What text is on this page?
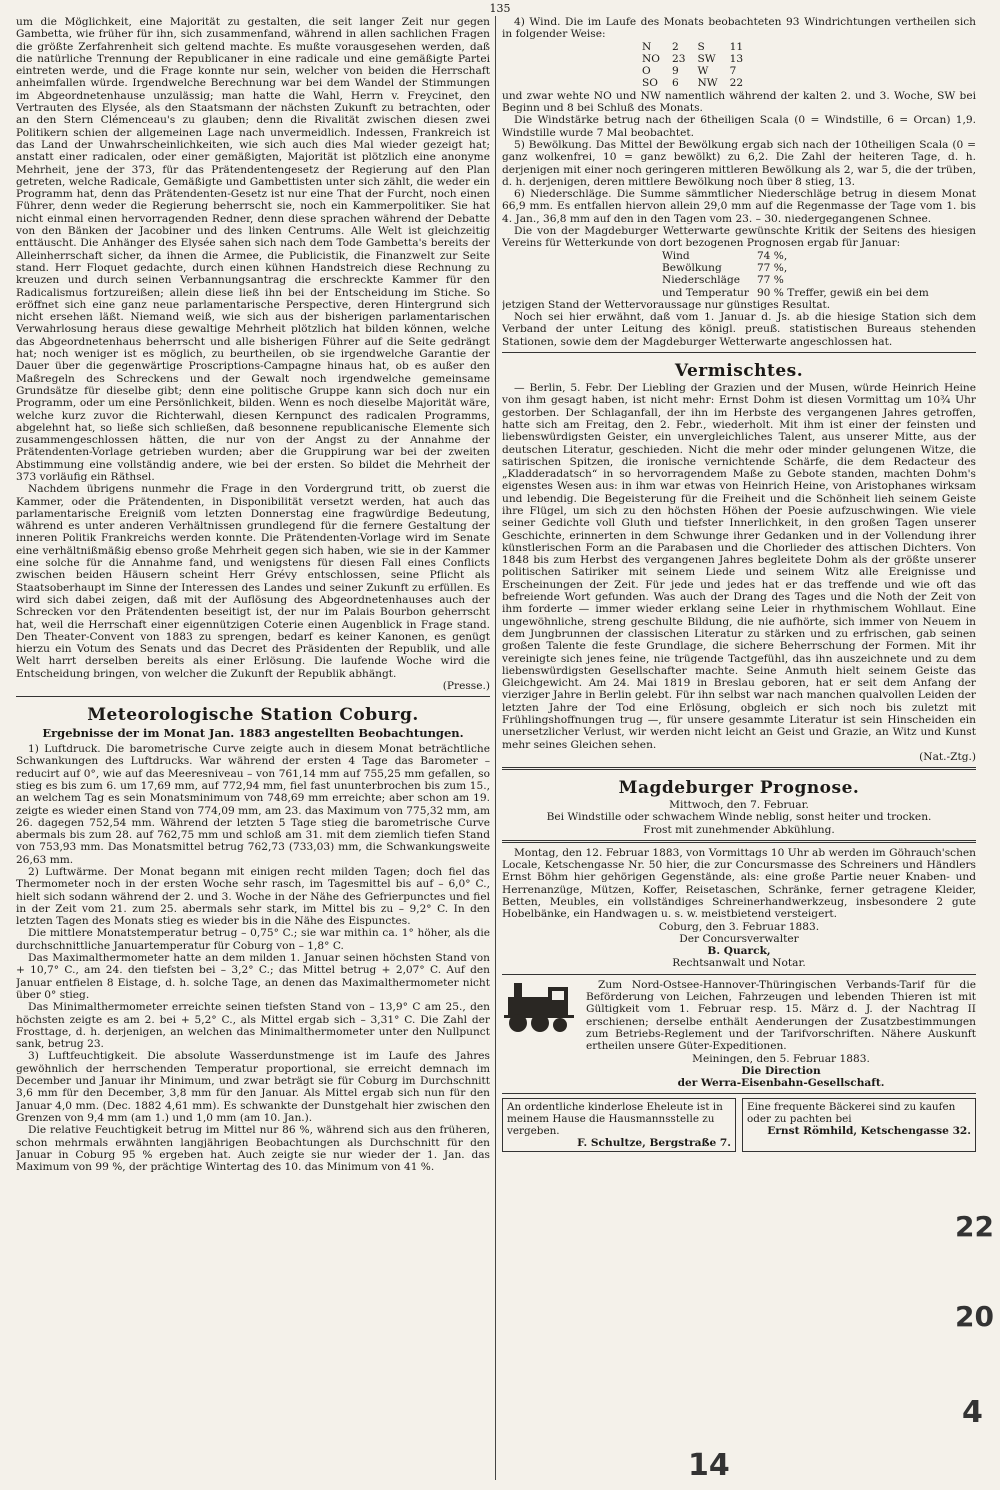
135

um die Möglichkeit, eine Majorität zu gestalten, die seit langer Zeit nur gegen Gambetta, wie früher für ihn, sich zusammenfand, während in allen sachlichen Fragen die größte Zerfahrenheit sich geltend machte. Es mußte vorausgesehen werden, daß die natürliche Trennung der Republicaner in eine radicale und eine gemäßigte Partei eintreten werde, und die Frage konnte nur sein, welcher von beiden die Herrschaft anheimfallen würde. Irgendwelche Berechnung war bei dem Wandel der Stimmungen im Abgeordnetenhause unzulässig; man hatte die Wahl, Herrn v. Freycinet, den Vertrauten des Elysée, als den Staatsmann der nächsten Zukunft zu betrachten, oder an den Stern Clémenceau's zu glauben; denn die Rivalität zwischen diesen zwei Politikern schien der allgemeinen Lage nach unvermeidlich. Indessen, Frankreich ist das Land der Unwahrscheinlichkeiten, wie sich auch dies Mal wieder gezeigt hat; anstatt einer radicalen, oder einer gemäßigten, Majorität ist plötzlich eine anonyme Mehrheit, jene der 373, für das Prätendentengesetz der Regierung auf den Plan getreten, welche Radicale, Gemäßigte und Gambettisten unter sich zählt, die weder ein Programm hat, denn das Prätendenten-Gesetz ist nur eine That der Furcht, noch einen Führer, denn weder die Regierung beherrscht sie, noch ein Kammerpolitiker. Sie hat nicht einmal einen hervorragenden Redner, denn diese sprachen während der Debatte von den Bänken der Jacobiner und des linken Centrums. Alle Welt ist gleichzeitig enttäuscht. Die Anhänger des Elysée sahen sich nach dem Tode Gambetta's bereits der Alleinherrschaft sicher, da ihnen die Armee, die Publicistik, die Finanzwelt zur Seite stand. Herr Floquet gedachte, durch einen kühnen Handstreich diese Rechnung zu kreuzen und durch seinen Verbannungsantrag die erschreckte Kammer für den Radicalismus fortzureißen; allein diese ließ ihn bei der Entscheidung im Stiche. So eröffnet sich eine ganz neue parlamentarische Perspective, deren Hintergrund sich nicht ersehen läßt. Niemand weiß, wie sich aus der bisherigen parlamentarischen Verwahrlosung heraus diese gewaltige Mehrheit plötzlich hat bilden können, welche das Abgeordnetenhaus beherrscht und alle bisherigen Führer auf die Seite gedrängt hat; noch weniger ist es möglich, zu beurtheilen, ob sie irgendwelche Garantie der Dauer über die gegenwärtige Proscriptions-Campagne hinaus hat, ob es außer den Maßregeln des Schreckens und der Gewalt noch irgendwelche gemeinsame Grundsätze für dieselbe gibt; denn eine politische Gruppe kann sich doch nur ein Programm, oder um eine Persönlichkeit, bilden. Wenn es noch dieselbe Majorität wäre, welche kurz zuvor die Richterwahl, diesen Kernpunct des radicalen Programms, abgelehnt hat, so ließe sich schließen, daß besonnene republicanische Elemente sich zusammengeschlossen hätten, die nur von der Angst zu der Annahme der Prätendenten-Vorlage getrieben wurden; aber die Gruppirung war bei der zweiten Abstimmung eine vollständig andere, wie bei der ersten. So bildet die Mehrheit der 373 vorläufig ein Räthsel.

Nachdem übrigens nunmehr die Frage in den Vordergrund tritt, ob zuerst die Kammer, oder die Prätendenten, in Disponibilität versetzt werden, hat auch das parlamentarische Ereigniß vom letzten Donnerstag eine fragwürdige Bedeutung, während es unter anderen Verhältnissen grundlegend für die fernere Gestaltung der inneren Politik Frankreichs werden konnte. Die Prätendenten-Vorlage wird im Senate eine verhältnißmäßig ebenso große Mehrheit gegen sich haben, wie sie in der Kammer eine solche für die Annahme fand, und wenigstens für diesen Fall eines Conflicts zwischen beiden Häusern scheint Herr Grévy entschlossen, seine Pflicht als Staatsoberhaupt im Sinne der Interessen des Landes und seiner Zukunft zu erfüllen. Es wird sich dabei zeigen, daß mit der Auflösung des Abgeordnetenhauses auch der Schrecken vor den Prätendenten beseitigt ist, der nur im Palais Bourbon geherrscht hat, weil die Herrschaft einer eigennützigen Coterie einen Augenblick in Frage stand. Den Theater-Convent von 1883 zu sprengen, bedarf es keiner Kanonen, es genügt hierzu ein Votum des Senats und das Decret des Präsidenten der Republik, und alle Welt harrt derselben bereits als einer Erlösung. Die laufende Woche wird die Entscheidung bringen, von welcher die Zukunft der Republik abhängt.

(Presse.)
Meteorologische Station Coburg.
Ergebnisse der im Monat Jan. 1883 angestellten Beobachtungen.

1) Luftdruck. Die barometrische Curve zeigte auch in diesem Monat beträchtliche Schwankungen des Luftdrucks. War während der ersten 4 Tage das Barometer – reducirt auf 0°, wie auf das Meeresniveau – von 761,14 mm auf 755,25 mm gefallen, so stieg es bis zum 6. um 17,69 mm, auf 772,94 mm, fiel fast ununterbrochen bis zum 15., an welchem Tag es sein Monatsminimum von 748,69 mm erreichte; aber schon am 19. zeigte es wieder einen Stand von 774,09 mm, am 23. das Maximum von 775,32 mm, am 26. dagegen 752,54 mm. Während der letzten 5 Tage stieg die barometrische Curve abermals bis zum 28. auf 762,75 mm und schloß am 31. mit dem ziemlich tiefen Stand von 753,93 mm. Das Monatsmittel betrug 762,73 (733,03) mm, die Schwankungsweite 26,63 mm.

2) Luftwärme. Der Monat begann mit einigen recht milden Tagen; doch fiel das Thermometer noch in der ersten Woche sehr rasch, im Tagesmittel bis auf – 6,0° C., hielt sich sodann während der 2. und 3. Woche in der Nähe des Gefrierpunctes und fiel in der Zeit vom 21. zum 25. abermals sehr stark, im Mittel bis zu – 9,2° C. In den letzten Tagen des Monats stieg es wieder bis in die Nähe des Eispunctes.

Die mittlere Monatstemperatur betrug – 0,75° C.; sie war mithin ca. 1° höher, als die durchschnittliche Januartemperatur für Coburg von – 1,8° C.

Das Maximalthermometer hatte an dem milden 1. Januar seinen höchsten Stand von + 10,7° C., am 24. den tiefsten bei – 3,2° C.; das Mittel betrug + 2,07° C. Auf den Januar entfielen 8 Eistage, d. h. solche Tage, an denen das Maximalthermometer nicht über 0° stieg.

Das Minimalthermometer erreichte seinen tiefsten Stand von – 13,9° C am 25., den höchsten zeigte es am 2. bei + 5,2° C., als Mittel ergab sich – 3,31° C. Die Zahl der Frosttage, d. h. derjenigen, an welchen das Minimalthermometer unter den Nullpunct sank, betrug 23.

3) Luftfeuchtigkeit. Die absolute Wasserdunstmenge ist im Laufe des Jahres gewöhnlich der herrschenden Temperatur proportional, sie erreicht demnach im December und Januar ihr Minimum, und zwar beträgt sie für Coburg im Durchschnitt 3,6 mm für den December, 3,8 mm für den Januar. Als Mittel ergab sich nun für den Januar 4,0 mm. (Dec. 1882 4,61 mm). Es schwankte der Dunstgehalt hier zwischen den Grenzen von 9,4 mm (am 1.) und 1,0 mm (am 10. Jan.).

Die relative Feuchtigkeit betrug im Mittel nur 86 %, während sich aus den früheren, schon mehrmals erwähnten langjährigen Beobachtungen als Durchschnitt für den Januar in Coburg 95 % ergeben hat. Auch zeigte sie nur wieder der 1. Jan. das Maximum von 99 %, der prächtige Wintertag des 10. das Minimum von 41 %.

4) Wind. Die im Laufe des Monats beobachteten 93 Windrichtungen vertheilen sich in folgender Weise:

N	2	S	11
NO	23	SW	13
O	9	W	7
SO	6	NW	22

und zwar wehte NO und NW namentlich während der kalten 2. und 3. Woche, SW bei Beginn und 8 bei Schluß des Monats.

Die Windstärke betrug nach der 6theiligen Scala (0 = Windstille, 6 = Orcan) 1,9. Windstille wurde 7 Mal beobachtet.

5) Bewölkung. Das Mittel der Bewölkung ergab sich nach der 10theiligen Scala (0 = ganz wolkenfrei, 10 = ganz bewölkt) zu 6,2. Die Zahl der heiteren Tage, d. h. derjenigen mit einer noch geringeren mittleren Bewölkung als 2, war 5, die der trüben, d. h. derjenigen, deren mittlere Bewölkung noch über 8 stieg, 13.

6) Niederschläge. Die Summe sämmtlicher Niederschläge betrug in diesem Monat 66,9 mm. Es entfallen hiervon allein 29,0 mm auf die Regenmasse der Tage vom 1. bis 4. Jan., 36,8 mm auf den in den Tagen vom 23. – 30. niedergegangenen Schnee.

Die von der Magdeburger Wetterwarte gewünschte Kritik der Seitens des hiesigen Vereins für Wetterkunde von dort bezogenen Prognosen ergab für Januar:

Wind	74 %,
Bewölkung	77 %,
Niederschläge	77 %
und Temperatur	90 % Treffer, gewiß ein bei dem

jetzigen Stand der Wettervoraussage nur günstiges Resultat.

Noch sei hier erwähnt, daß vom 1. Januar d. Js. ab die hiesige Station sich dem Verband der unter Leitung des königl. preuß. statistischen Bureaus stehenden Stationen, sowie dem der Magdeburger Wetterwarte angeschlossen hat.

Vermischtes.

— Berlin, 5. Febr. Der Liebling der Grazien und der Musen, würde Heinrich Heine von ihm gesagt haben, ist nicht mehr: Ernst Dohm ist diesen Vormittag um 10¾ Uhr gestorben. Der Schlaganfall, der ihn im Herbste des vergangenen Jahres getroffen, hatte sich am Freitag, den 2. Febr., wiederholt. Mit ihm ist einer der feinsten und liebenswürdigsten Geister, ein unvergleichliches Talent, aus unserer Mitte, aus der deutschen Literatur, geschieden. Nicht die mehr oder minder gelungenen Witze, die satirischen Spitzen, die ironische vernichtende Schärfe, die dem Redacteur des „Kladderadatsch“ in so hervorragendem Maße zu Gebote standen, machten Dohm's eigenstes Wesen aus: in ihm war etwas von Heinrich Heine, von Aristophanes wirksam und lebendig. Die Begeisterung für die Freiheit und die Schönheit lieh seinem Geiste ihre Flügel, um sich zu den höchsten Höhen der Poesie aufzuschwingen. Wie viele seiner Gedichte voll Gluth und tiefster Innerlichkeit, in den großen Tagen unserer Geschichte, erinnerten in dem Schwunge ihrer Gedanken und in der Vollendung ihrer künstlerischen Form an die Parabasen und die Chorlieder des attischen Dichters. Von 1848 bis zum Herbst des vergangenen Jahres begleitete Dohm als der größte unserer politischen Satiriker mit seinem Liede und seinem Witz alle Ereignisse und Erscheinungen der Zeit. Für jede und jedes hat er das treffende und wie oft das befreiende Wort gefunden. Was auch der Drang des Tages und die Noth der Zeit von ihm forderte — immer wieder erklang seine Leier in rhythmischem Wohllaut. Eine ungewöhnliche, streng geschulte Bildung, die nie aufhörte, sich immer von Neuem in dem Jungbrunnen der classischen Literatur zu stärken und zu erfrischen, gab seinen großen Talente die feste Grundlage, die sichere Beherrschung der Formen. Mit ihr vereinigte sich jenes feine, nie trügende Tactgefühl, das ihn auszeichnete und zu dem liebenswürdigsten Gesellschafter machte. Seine Anmuth hielt seinem Geiste das Gleichgewicht. Am 24. Mai 1819 in Breslau geboren, hat er seit dem Anfang der vierziger Jahre in Berlin gelebt. Für ihn selbst war nach manchen qualvollen Leiden der letzten Jahre der Tod eine Erlösung, obgleich er sich noch bis zuletzt mit Frühlingshoffnungen trug —, für unsere gesammte Literatur ist sein Hinscheiden ein unersetzlicher Verlust, wir werden nicht leicht an Geist und Grazie, an Witz und Kunst mehr seines Gleichen sehen.

(Nat.-Ztg.)
Magdeburger Prognose.
Mittwoch, den 7. Februar.
Bei Windstille oder schwachem Winde neblig, sonst heiter und trocken.
Frost mit zunehmender Abkühlung.

Montag, den 12. Februar 1883, von Vormittags 10 Uhr ab werden im Göhrauch'schen Locale, Ketschengasse Nr. 50 hier, die zur Concursmasse des Schreiners und Händlers Ernst Böhm hier gehörigen Gegenstände, als: eine große Partie neuer Knaben- und Herrenanzüge, Mützen, Koffer, Reisetaschen, Schränke, ferner getragene Kleider, Betten, Meubles, ein vollständiges Schreinerhandwerkzeug, insbesondere 2 gute Hobelbänke, ein Handwagen u. s. w. meistbietend versteigert.

Coburg, den 3. Februar 1883.
Der Concursverwalter
B. Quarck,
Rechtsanwalt und Notar.

Zum Nord-Ostsee-Hannover-Thüringischen Verbands-Tarif für die Beförderung von Leichen, Fahrzeugen und lebenden Thieren ist mit Gültigkeit vom 1. Februar resp. 15. März d. J. der Nachtrag II erschienen; derselbe enthält Aenderungen der Zusatzbestimmungen zum Betriebs-Reglement und der Tarifvorschriften. Nähere Auskunft ertheilen unsere Güter-Expeditionen.

Meiningen, den 5. Februar 1883.
Die Direction
der Werra-Eisenbahn-Gesellschaft.
An ordentliche kinderlose Eheleute ist in meinem Hause die Hausmannsstelle zu vergeben.
F. Schultze, Bergstraße 7.
Eine frequente Bäckerei sind zu kaufen oder zu pachten bei
Ernst Römhild, Ketschengasse 32.
22
20
4
14
